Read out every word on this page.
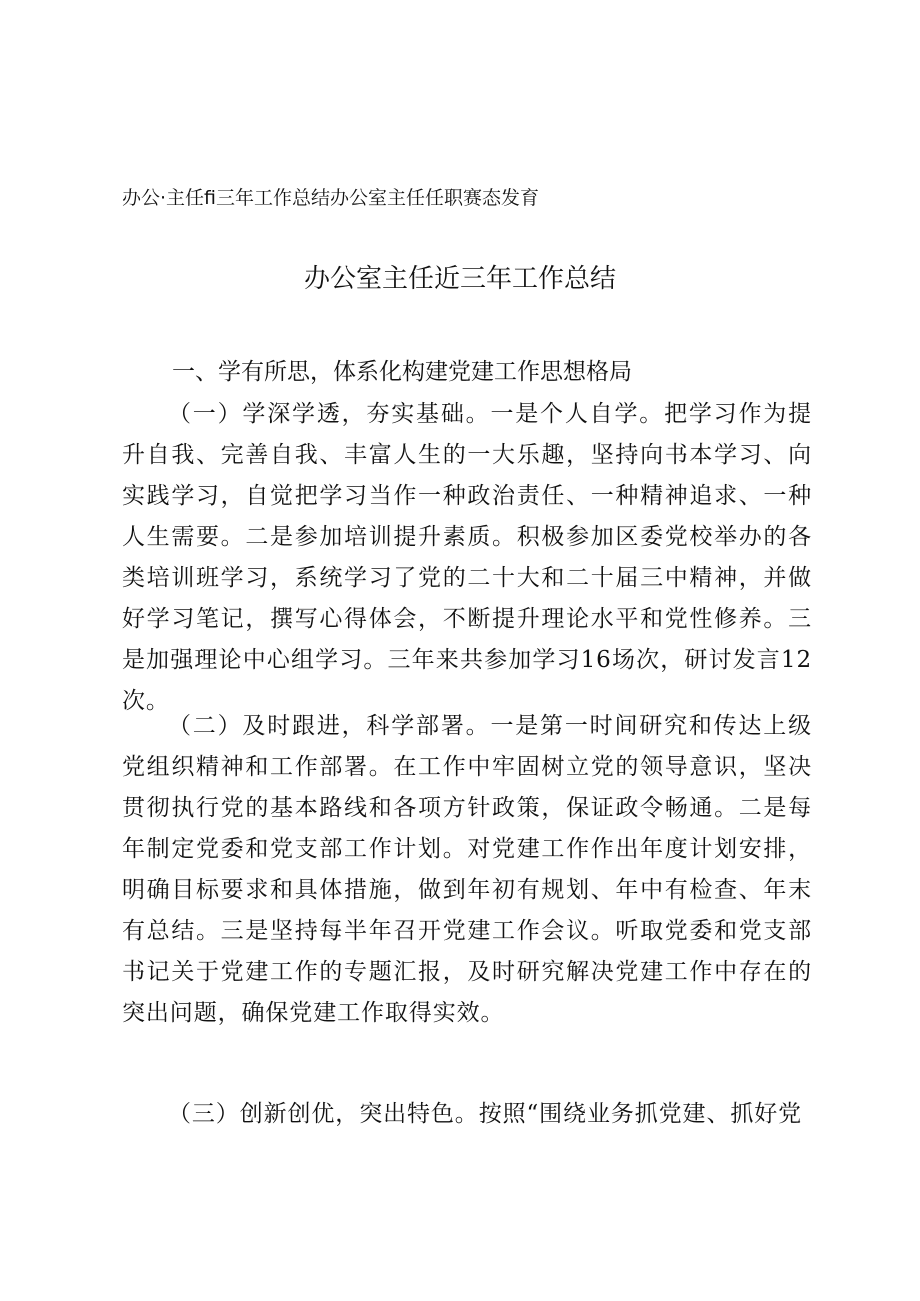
办公·主任fi三年工作总结办公室主任任职赛态发育
办公室主任近三年工作总结
一、学有所思，体系化构建党建工作思想格局

（一）学深学透，夯实基础。一是个人自学。把学习作为提升自我、完善自我、丰富人生的一大乐趣，坚持向书本学习、向实践学习，自觉把学习当作一种政治责任、一种精神追求、一种人生需要。二是参加培训提升素质。积极参加区委党校举办的各类培训班学习，系统学习了党的二十大和二十届三中精神，并做好学习笔记，撰写心得体会，不断提升理论水平和党性修养。三是加强理论中心组学习。三年来共参加学习16场次，研讨发言12次。

（二）及时跟进，科学部署。一是第一时间研究和传达上级党组织精神和工作部署。在工作中牢固树立党的领导意识，坚决贯彻执行党的基本路线和各项方针政策，保证政令畅通。二是每年制定党委和党支部工作计划。对党建工作作出年度计划安排，明确目标要求和具体措施，做到年初有规划、年中有检查、年末有总结。三是坚持每半年召开党建工作会议。听取党委和党支部书记关于党建工作的专题汇报，及时研究解决党建工作中存在的突出问题，确保党建工作取得实效。

（三）创新创优，突出特色。按照“围绕业务抓党建、抓好党
